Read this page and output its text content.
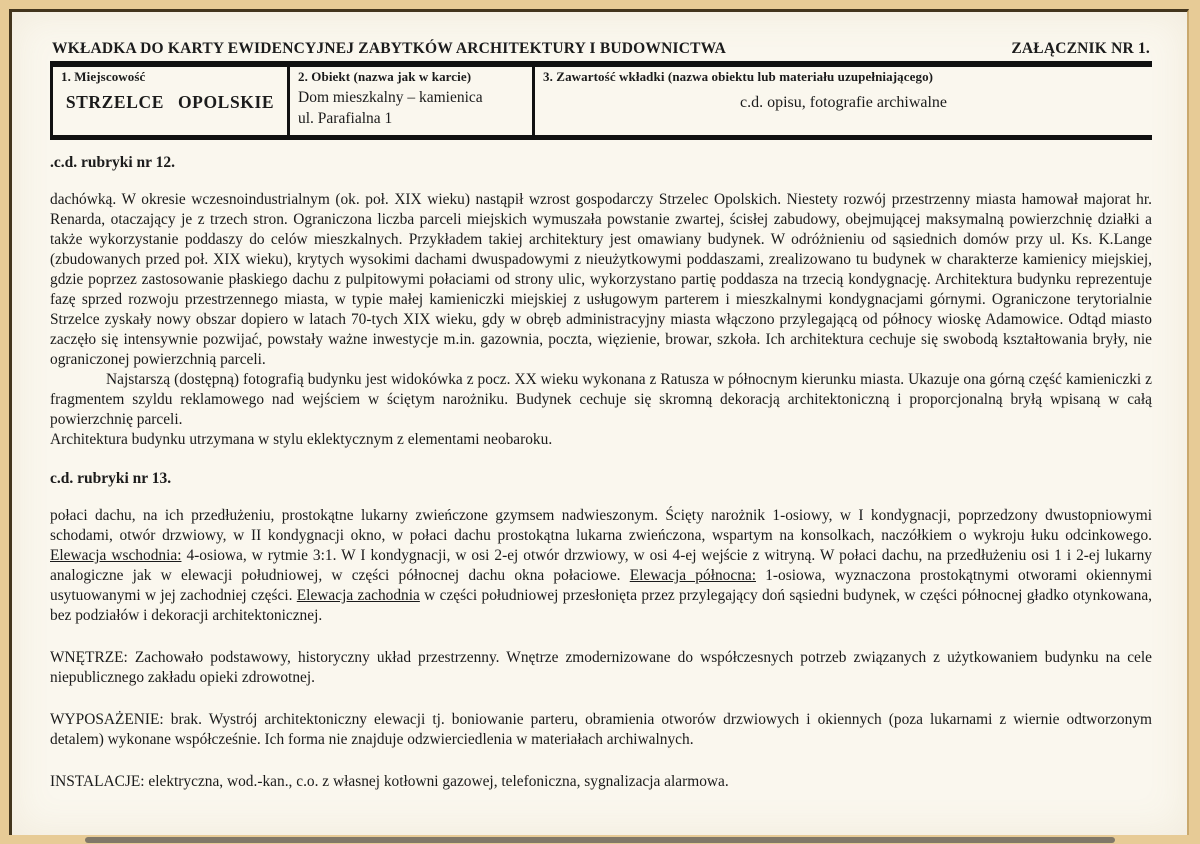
WKŁADKA DO KARTY EWIDENCYJNEJ ZABYTKÓW ARCHITEKTURY I BUDOWNICTWA	ZAŁĄCZNIK NR 1.
1. Miejscowość
STRZELCE OPOLSKIE

2. Obiekt (nazwa jak w karcie)
Dom mieszkalny – kamienica
ul. Parafialna 1

3. Zawartość wkładki (nazwa obiektu lub materiału uzupełniającego)
c.d. opisu, fotografie archiwalne
.c.d. rubryki nr 12.

dachówką. W okresie wczesnoindustrialnym (ok. poł. XIX wieku) nastąpił wzrost gospodarczy Strzelec Opolskich. Niestety rozwój przestrzenny miasta hamował majorat hr. Renarda, otaczający je z trzech stron. Ograniczona liczba parceli miejskich wymuszała powstanie zwartej, ścisłej zabudowy, obejmującej maksymalną powierzchnię działki a także wykorzystanie poddaszy do celów mieszkalnych. Przykładem takiej architektury jest omawiany budynek. W odróżnieniu od sąsiednich domów przy ul. Ks. K.Lange (zbudowanych przed poł. XIX wieku), krytych wysokimi dachami dwuspadowymi z nieużytkowymi poddaszami, zrealizowano tu budynek w charakterze kamienicy miejskiej, gdzie poprzez zastosowanie płaskiego dachu z pulpitowymi połaciami od strony ulic, wykorzystano partię poddasza na trzecią kondygnację. Architektura budynku reprezentuje fazę sprzed rozwoju przestrzennego miasta, w typie małej kamieniczki miejskiej z usługowym parterem i mieszkalnymi kondygnacjami górnymi. Ograniczone terytorialnie Strzelce zyskały nowy obszar dopiero w latach 70-tych XIX wieku, gdy w obręb administracyjny miasta włączono przylegającą od północy wioskę Adamowice. Odtąd miasto zaczęło się intensywnie pozwijać, powstały ważne inwestycje m.in. gazownia, poczta, więzienie, browar, szkoła. Ich architektura cechuje się swobodą kształtowania bryły, nie ograniczonej powierzchnią parceli.

Najstarszą (dostępną) fotografią budynku jest widokówka z pocz. XX wieku wykonana z Ratusza w północnym kierunku miasta. Ukazuje ona górną część kamieniczki z fragmentem szyldu reklamowego nad wejściem w ściętym narożniku. Budynek cechuje się skromną dekoracją architektoniczną i proporcjonalną bryłą wpisaną w całą powierzchnię parceli.

Architektura budynku utrzymana w stylu eklektycznym z elementami neobaroku.

c.d. rubryki nr 13.

połaci dachu, na ich przedłużeniu, prostokątne lukarny zwieńczone gzymsem nadwieszonym. Ścięty narożnik 1-osiowy, w I kondygnacji, poprzedzony dwustopniowymi schodami, otwór drzwiowy, w II kondygnacji okno, w połaci dachu prostokątna lukarna zwieńczona, wspartym na konsolkach, naczółkiem o wykroju łuku odcinkowego. Elewacja wschodnia: 4-osiowa, w rytmie 3:1. W I kondygnacji, w osi 2-ej otwór drzwiowy, w osi 4-ej wejście z witryną. W połaci dachu, na przedłużeniu osi 1 i 2-ej lukarny analogiczne jak w elewacji południowej, w części północnej dachu okna połaciowe. Elewacja północna: 1-osiowa, wyznaczona prostokątnymi otworami okiennymi usytuowanymi w jej zachodniej części. Elewacja zachodnia w części południowej przesłonięta przez przylegający doń sąsiedni budynek, w części północnej gładko otynkowana, bez podziałów i dekoracji architektonicznej.

WNĘTRZE: Zachowało podstawowy, historyczny układ przestrzenny. Wnętrze zmodernizowane do współczesnych potrzeb związanych z użytkowaniem budynku na cele niepublicznego zakładu opieki zdrowotnej.

WYPOSAŻENIE: brak. Wystrój architektoniczny elewacji tj. boniowanie parteru, obramienia otworów drzwiowych i okiennych (poza lukarnami z wiernie odtworzonym detalem) wykonane współcześnie. Ich forma nie znajduje odzwierciedlenia w materiałach archiwalnych.

INSTALACJE: elektryczna, wod.-kan., c.o. z własnej kotłowni gazowej, telefoniczna, sygnalizacja alarmowa.
